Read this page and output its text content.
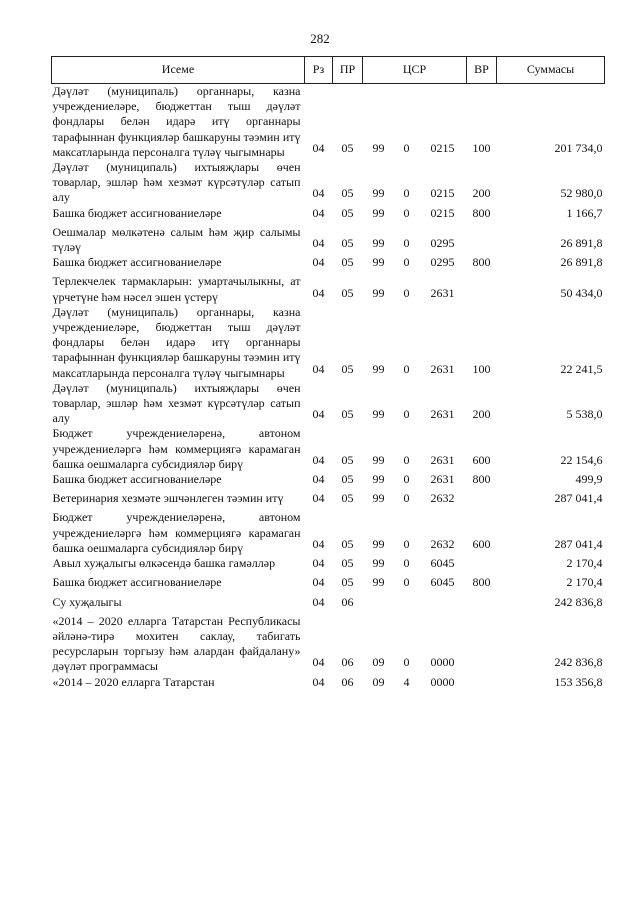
282
Исеме	Рз	ПР	ЦСР			ВР	Суммасы
Дәүләт (муниципаль) органнары, казна учреждениеләре, бюджеттан тыш дәүләт фондлары белән идарә итү органнары тарафыннан функцияләр башкаруны тәэмин итү максатларында персоналга түләү чыгымнары	04	05	99	0	0215	100	201 734,0
Дәүләт (муниципаль) ихтыяҗлары өчен товарлар, эшләр һәм хезмәт күрсәтүләр сатып алу	04	05	99	0	0215	200	52 980,0
Башка бюджет ассигнованиеләре	04	05	99	0	0215	800	1 166,7
Оешмалар мөлкәтенә салым һәм җир салымы түләү	04	05	99	0	0295		26 891,8
Башка бюджет ассигнованиеләре	04	05	99	0	0295	800	26 891,8
Терлекчелек тармакларын: умартачылыкны, ат үрчетүне һәм нәсел эшен үстерү	04	05	99	0	2631		50 434,0
Дәүләт (муниципаль) органнары, казна учреждениеләре, бюджеттан тыш дәүләт фондлары белән идарә итү органнары тарафыннан функцияләр башкаруны тәэмин итү максатларында персоналга түләү чыгымнары	04	05	99	0	2631	100	22 241,5
Дәүләт (муниципаль) ихтыяҗлары өчен товарлар, эшләр һәм хезмәт күрсәтүләр сатып алу	04	05	99	0	2631	200	5 538,0
Бюджет учреждениеләренә, автоном учреждениеләргә һәм коммерциягә карамаган башка оешмаларга субсидияләр бирү	04	05	99	0	2631	600	22 154,6
Башка бюджет ассигнованиеләре	04	05	99	0	2631	800	499,9
Ветеринария хезмәте эшчәнлеген тәэмин итү	04	05	99	0	2632		287 041,4
Бюджет учреждениеләренә, автоном учреждениеләргә һәм коммерциягә карамаган башка оешмаларга субсидияләр бирү	04	05	99	0	2632	600	287 041,4
Авыл хуҗалыгы өлкәсендә башка гамәлләр	04	05	99	0	6045		2 170,4
Башка бюджет ассигнованиеләре	04	05	99	0	6045	800	2 170,4
Су хуҗалыгы	04	06					242 836,8
«2014 – 2020 елларга Татарстан Республикасы әйләнә-тирә мохитен саклау, табигать ресурсларын торгызу һәм алардан файдалану» дәүләт программасы	04	06	09	0	0000		242 836,8
«2014 – 2020 елларга Татарстан	04	06	09	4	0000		153 356,8
